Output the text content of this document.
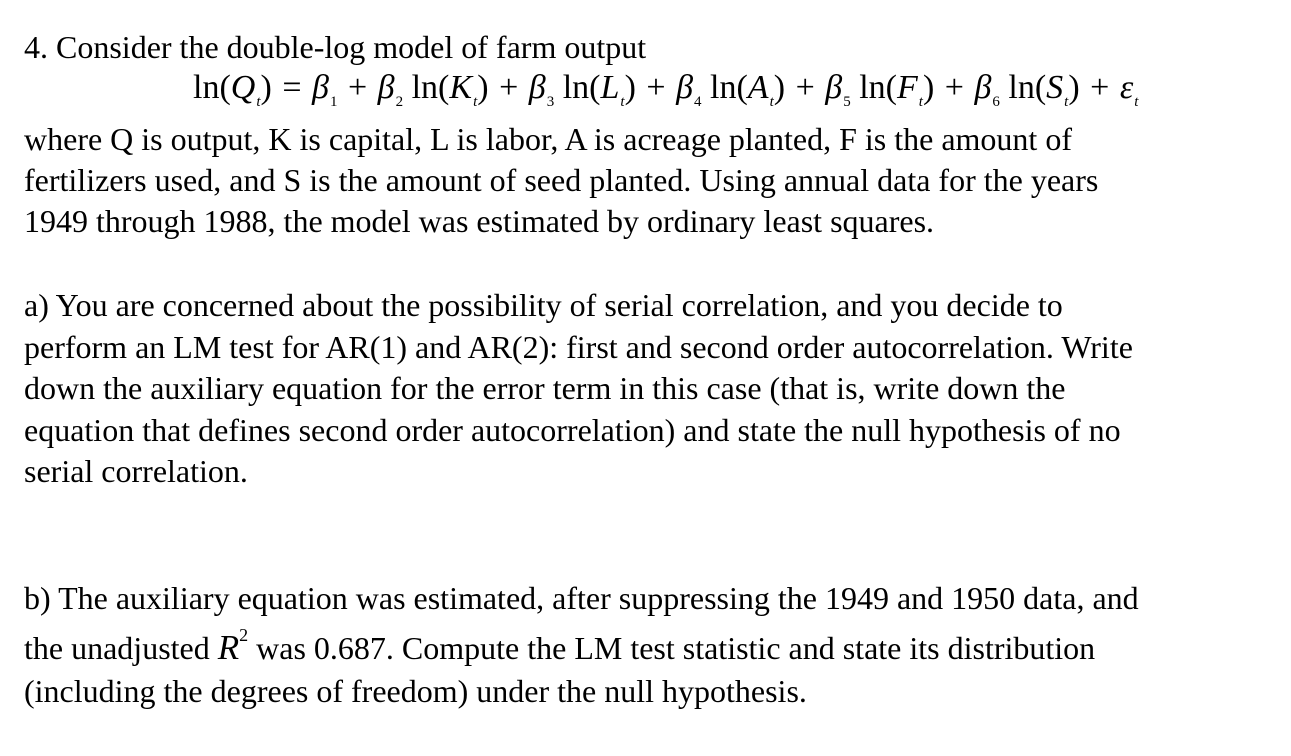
4. Consider the double-log model of farm output
$\ln(Q_t) = \beta_1 + \beta_2$ $\ln(K_t) + \beta_3$ $\ln(L_t) + \beta_4$ $\ln(A_t) + \beta_5$ $\ln(F_t) + \beta_6$ $\ln(S_t) + \varepsilon_t$
where Q is output, K is capital, L is labor, A is acreage planted, F is the amount of
fertilizers used, and S is the amount of seed planted. Using annual data for the years
1949 through 1988, the model was estimated by ordinary least squares.
a) You are concerned about the possibility of serial correlation, and you decide to
perform an LM test for AR(1) and AR(2): first and second order autocorrelation. Write
down the auxiliary equation for the error term in this case (that is, write down the
equation that defines second order autocorrelation) and state the null hypothesis of no
serial correlation.
b) The auxiliary equation was estimated, after suppressing the 1949 and 1950 data, and
the unadjusted $R^2$ was 0.687. Compute the LM test statistic and state its distribution
(including the degrees of freedom) under the null hypothesis.
